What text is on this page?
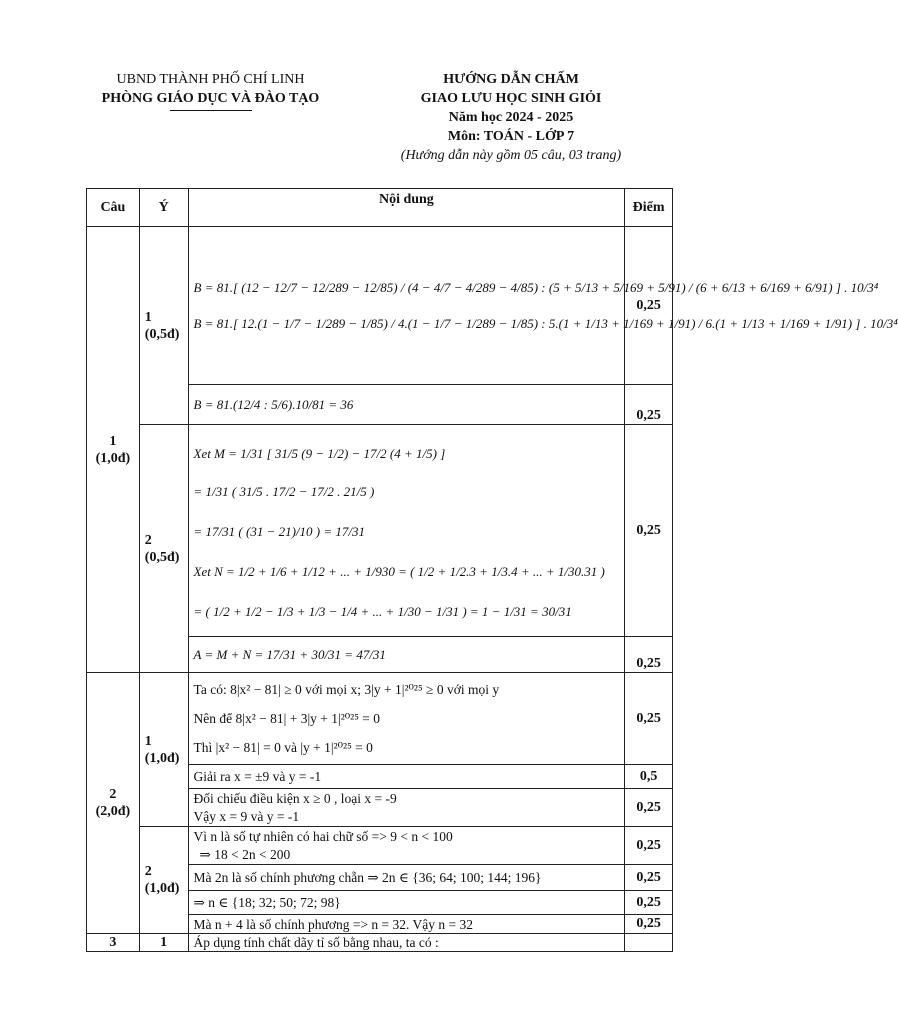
UBND THÀNH PHỐ CHÍ LINH
PHÒNG GIÁO DỤC VÀ ĐÀO TẠO
HƯỚNG DẪN CHẤM
GIAO LƯU HỌC SINH GIỎI
Năm học 2024 - 2025
Môn: TOÁN - LỚP 7
(Hướng dẫn này gồm 05 câu, 03 trang)
Câu	Ý	Nội dung	Điểm
1 (1,0đ)	1 (0,5đ)	B = 81.[ (12 − 12/7 − 12/289 − 12/85) / (4 − 4/7 − 4/289 − 4/85) : (5 + 5/13 + 5/169 + 5/91) / (6 + 6/13 + 6/169 + 6/91) ] . 10/3⁴
B = 81.[ 12.(1 − 1/7 − 1/289 − 1/85) / 4.(1 − 1/7 − 1/289 − 1/85) : 5.(1 + 1/13 + 1/169 + 1/91) / 6.(1 + 1/13 + 1/169 + 1/91) ] . 10/3⁴	0,25

		B = 81.(12/4 : 5/6).10/81 = 36	0,25
	2 (0,5đ)	Xet M = 1/31 [ 31/5 (9 − 1/2) − 17/2 (4 + 1/5) ]
= 1/31 ( 31/5 . 17/2 − 17/2 . 21/5 )
= 17/31 ( (31 − 21)/10 ) = 17/31
Xet N = 1/2 + 1/6 + 1/12 + ... + 1/930 = ( 1/2 + 1/2.3 + 1/3.4 + ... + 1/30.31 )
= ( 1/2 + 1/2 − 1/3 + 1/3 − 1/4 + ... + 1/30 − 1/31 ) = 1 − 1/31 = 30/31	0,25

		A = M + N = 17/31 + 30/31 = 47/31	0,25
2 (2,0đ)	1 (1,0đ)	Ta có: 8|x² − 81| ≥ 0 với mọi x; 3|y + 1|²⁰²⁵ ≥ 0 với mọi y
Nên để 8|x² − 81| + 3|y + 1|²⁰²⁵ = 0
Thì |x² − 81| = 0 và |y + 1|²⁰²⁵ = 0	0,25

		Giải ra x = ±9 và y = -1	0,5

		Đối chiếu điều kiện x ≥ 0 , loại x = -9
Vậy x = 9 và y = -1	0,25
	2 (1,0đ)	Vì n là số tự nhiên có hai chữ số => 9 < n < 100
⇒ 18 < 2n < 200	0,25

		Mà 2n là số chính phương chẵn ⇒ 2n ∈ {36; 64; 100; 144; 196}	0,25

		⇒ n ∈ {18; 32; 50; 72; 98}	0,25

		Mà n + 4 là số chính phương => n = 32. Vậy n = 32	0,25
3	1	Áp dụng tính chất dãy tỉ số bằng nhau, ta có :	
